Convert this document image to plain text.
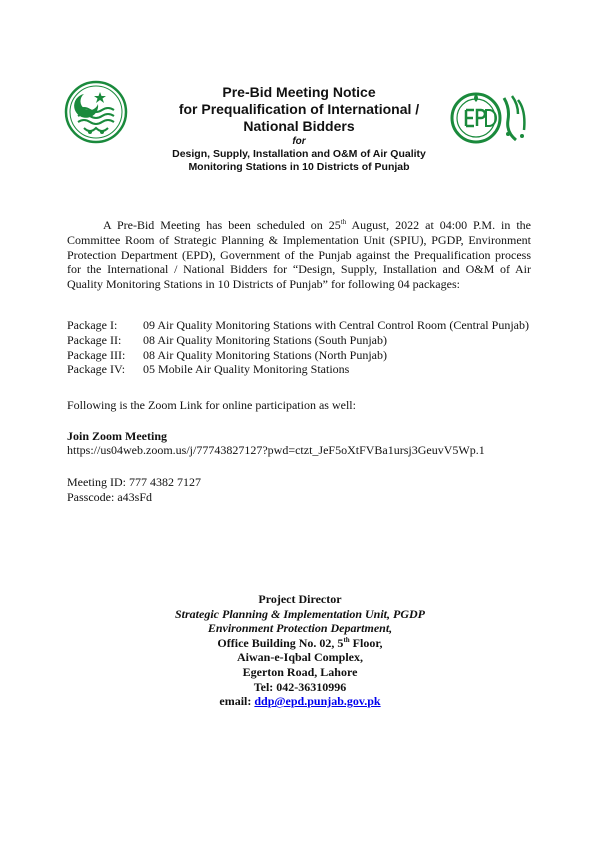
Pre-Bid Meeting Notice
for Prequalification of International /
National Bidders
for
Design, Supply, Installation and O&M of Air Quality Monitoring Stations in 10 Districts of Punjab
A Pre-Bid Meeting has been scheduled on 25th August, 2022 at 04:00 P.M. in the Committee Room of Strategic Planning & Implementation Unit (SPIU), PGDP, Environment Protection Department (EPD), Government of the Punjab against the Prequalification process for the International / National Bidders for “Design, Supply, Installation and O&M of Air Quality Monitoring Stations in 10 Districts of Punjab” for following 04 packages:
Package I:	09 Air Quality Monitoring Stations with Central Control Room (Central Punjab)
Package II:	08 Air Quality Monitoring Stations (South Punjab)
Package III:	08 Air Quality Monitoring Stations (North Punjab)
Package IV:	05 Mobile Air Quality Monitoring Stations
Following is the Zoom Link for online participation as well:
Join Zoom Meeting
https://us04web.zoom.us/j/77743827127?pwd=ctzt_JeF5oXtFVBa1ursj3GeuvV5Wp.1
Meeting ID: 777 4382 7127
Passcode: a43sFd
Project Director
Strategic Planning & Implementation Unit, PGDP
Environment Protection Department,
Office Building No. 02, 5th Floor,
Aiwan-e-Iqbal Complex,
Egerton Road, Lahore
Tel: 042-36310996
email: ddp@epd.punjab.gov.pk
